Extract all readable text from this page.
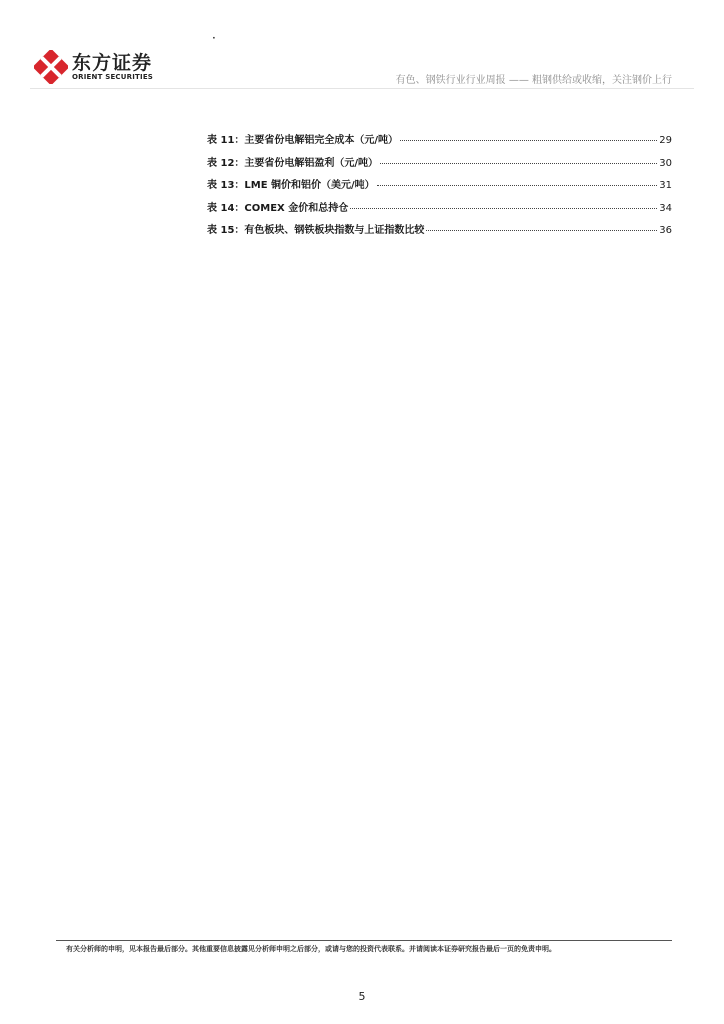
·
东方证券
ORIENT SECURITIES	有色、钢铁行业行业周报 —— 粗钢供给或收缩，关注钢价上行
表 11：主要省份电解铝完全成本（元/吨）	29
表 12：主要省份电解铝盈利（元/吨）	30
表 13：LME 铜价和铝价（美元/吨）	31
表 14：COMEX 金价和总持仓	34
表 15：有色板块、钢铁板块指数与上证指数比较	36
有关分析师的申明，见本报告最后部分。其他重要信息披露见分析师申明之后部分，或请与您的投资代表联系。并请阅读本证券研究报告最后一页的免责申明。
5
